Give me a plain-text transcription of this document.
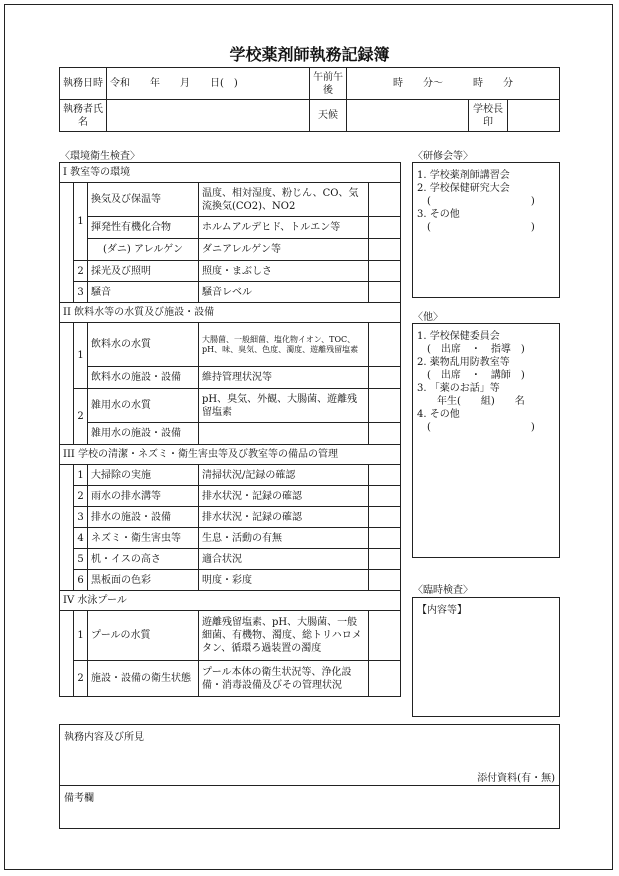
学校薬剤師執務記録簿
執務日時	令和　　年　　月　　日(　)	午前午後	時　　分～　　　時　　分		
執務者氏名		天候		学校長印	
〈環境衛生検査〉
I 教室等の環境				
	1	換気及び保温等	温度、相対湿度、粉じん、CO、気流換気(CO2)、NO2	
		揮発性有機化合物	ホルムアルデヒド、トルエン等	
		(ダニ) アレルゲン	ダニアレルゲン等	
	2	採光及び照明	照度・まぶしさ	
	3	騒音	騒音レベル	
II 飲料水等の水質及び施設・設備				
	1	飲料水の水質	大腸菌、一般細菌、塩化物イオン、TOC、pH、味、臭気、色度、濁度、遊離残留塩素	
		飲料水の施設・設備	維持管理状況等	
	2	雑用水の水質	pH、臭気、外観、大腸菌、遊離残留塩素	
		雑用水の施設・設備		
III 学校の清潔・ネズミ・衛生害虫等及び教室等の備品の管理				
	1	大掃除の実施	清掃状況/記録の確認	
	2	雨水の排水溝等	排水状況・記録の確認	
	3	排水の施設・設備	排水状況・記録の確認	
	4	ネズミ・衛生害虫等	生息・活動の有無	
	5	机・イスの高さ	適合状況	
	6	黒板面の色彩	明度・彩度	
IV 水泳プール				
	1	プールの水質	遊離残留塩素、pH、大腸菌、一般細菌、有機物、濁度、総トリハロメタン、循環ろ過装置の濁度	
	2	施設・設備の衛生状態	プール本体の衛生状況等、浄化設備・消毒設備及びその管理状況	
〈研修会等〉
1. 学校薬剤師講習会
2. 学校保健研究大会
　(　　　　　　　　　　)
3. その他
　(　　　　　　　　　　)
〈他〉
1. 学校保健委員会
　(　出席　・　指導　)
2. 薬物乱用防教室等
　(　出席　・　講師　)
3. 「薬のお話」等
　　年生(　　組)　　名
4. その他
　(　　　　　　　　　　)
〈臨時検査〉
【内容等】
執務内容及び所見
添付資料(有・無)
備考欄
